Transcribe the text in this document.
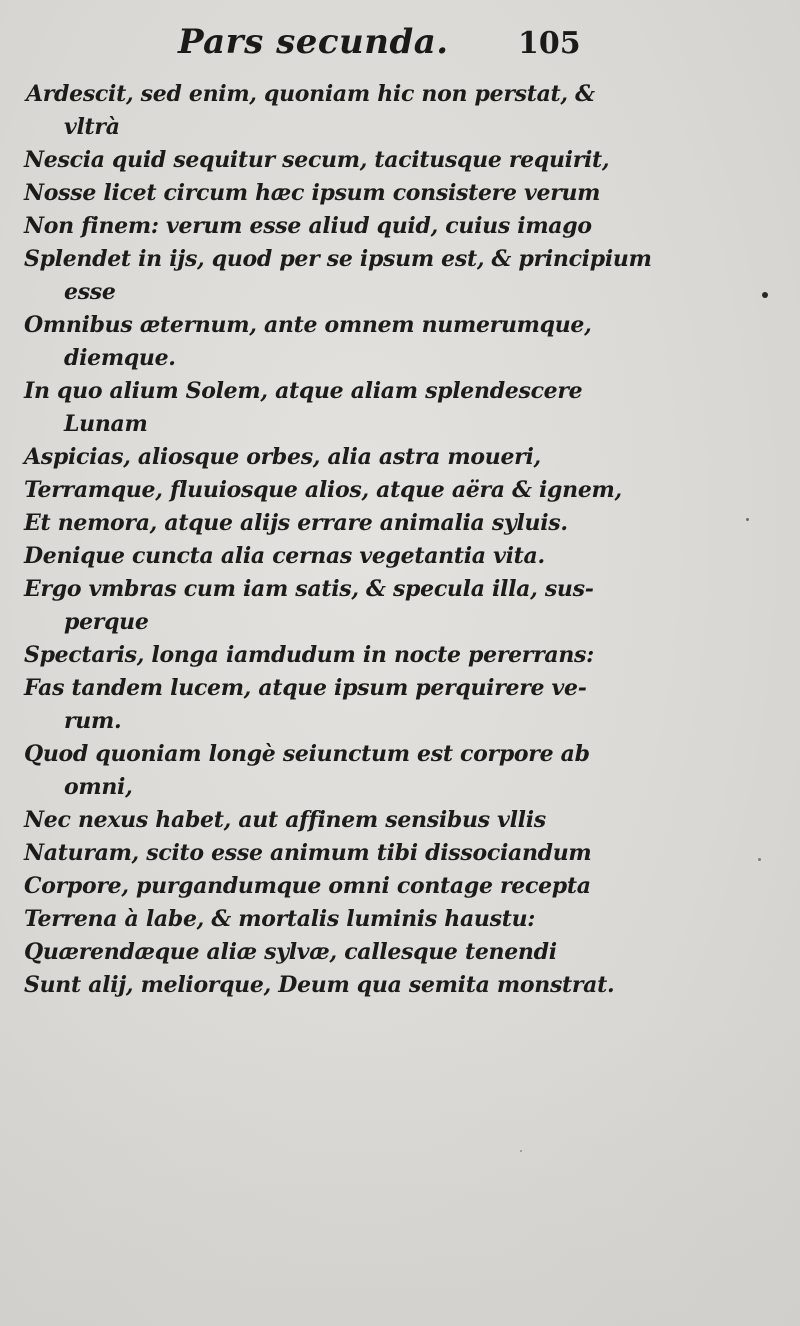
Pars secunda. 105
Ardescit, sed enim, quoniam hic non perstat, &
vltrà
Nescia quid sequitur secum, tacitusque requirit,
Nosse licet circum hæc ipsum consistere verum
Non finem: verum esse aliud quid, cuius imago
Splendet in ijs, quod per se ipsum est, & principium
esse
Omnibus æternum, ante omnem numerumque,
diemque.
In quo alium Solem, atque aliam splendescere
Lunam
Aspicias, aliosque orbes, alia astra moueri,
Terramque, fluuiosque alios, atque aëra & ignem,
Et nemora, atque alijs errare animalia syluis.
Denique cuncta alia cernas vegetantia vita.
Ergo vmbras cum iam satis, & specula illa, sus-
perque
Spectaris, longa iamdudum in nocte pererrans:
Fas tandem lucem, atque ipsum perquirere ve-
rum.
Quod quoniam longè seiunctum est corpore ab
omni,
Nec nexus habet, aut affinem sensibus vllis
Naturam, scito esse animum tibi dissociandum
Corpore, purgandumque omni contage recepta
Terrena à labe, & mortalis luminis haustu:
Quærendæque aliæ sylvæ, callesque tenendi
Sunt alij, meliorque, Deum qua semita monstrat.
